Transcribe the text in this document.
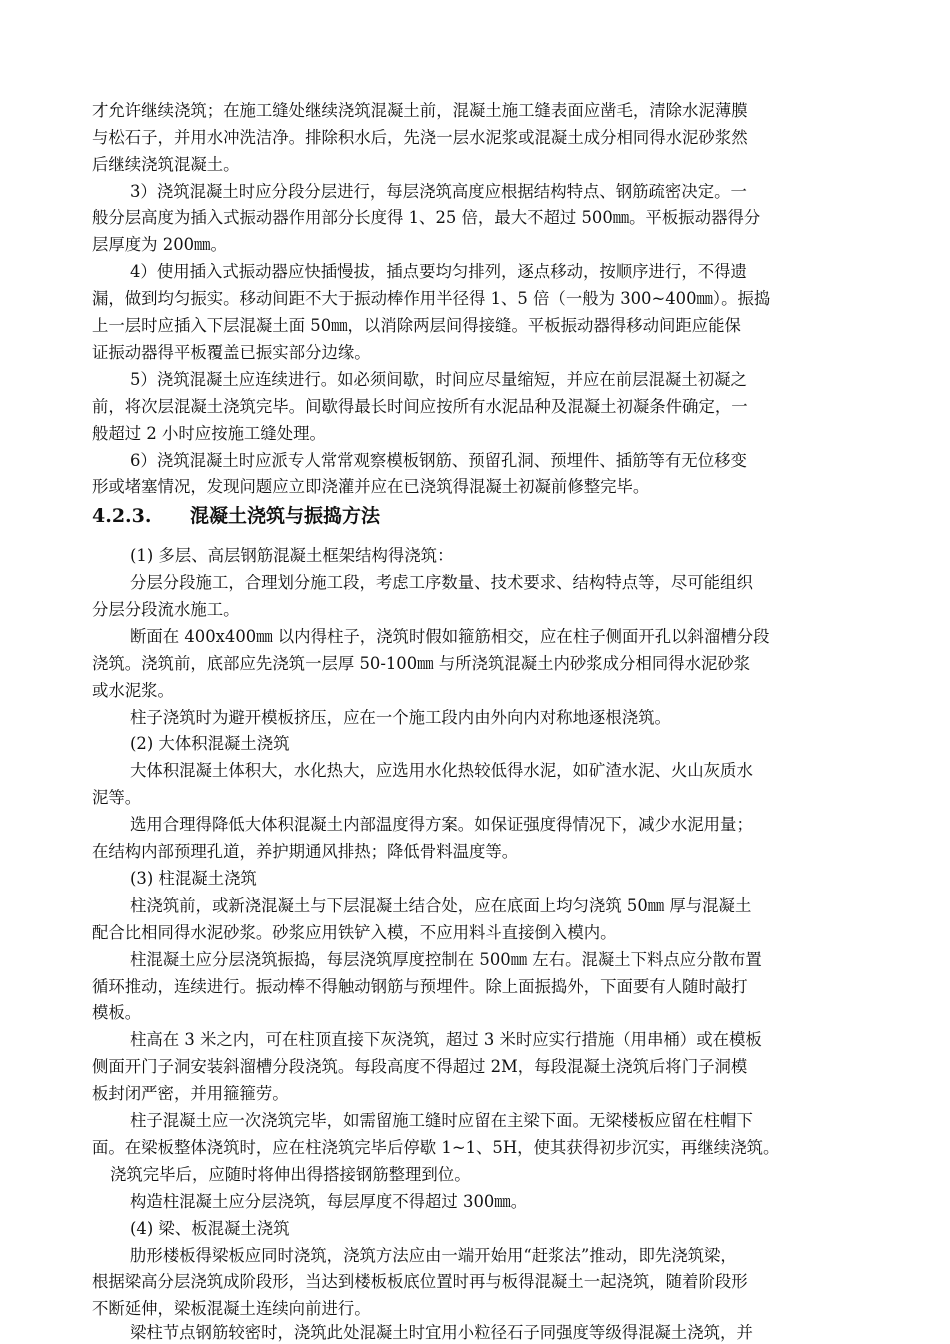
才允许继续浇筑；在施工缝处继续浇筑混凝土前，混凝土施工缝表面应凿毛，清除水泥薄膜

与松石子，并用水冲洗洁净。排除积水后，先浇一层水泥浆或混凝土成分相同得水泥砂浆然

后继续浇筑混凝土。

3）浇筑混凝土时应分段分层进行，每层浇筑高度应根据结构特点、钢筋疏密决定。一

般分层高度为插入式振动器作用部分长度得 1、25 倍，最大不超过 500㎜。平板振动器得分

层厚度为 200㎜。

4）使用插入式振动器应快插慢拔，插点要均匀排列，逐点移动，按顺序进行，不得遗

漏，做到均匀振实。移动间距不大于振动棒作用半径得 1、5 倍（一般为 300~400㎜）。振捣

上一层时应插入下层混凝土面 50㎜，以消除两层间得接缝。平板振动器得移动间距应能保

证振动器得平板覆盖已振实部分边缘。

5）浇筑混凝土应连续进行。如必须间歇，时间应尽量缩短，并应在前层混凝土初凝之

前，将次层混凝土浇筑完毕。间歇得最长时间应按所有水泥品种及混凝土初凝条件确定，一

般超过 2 小时应按施工缝处理。

6）浇筑混凝土时应派专人常常观察模板钢筋、预留孔洞、预埋件、插筋等有无位移变

形或堵塞情况，发现问题应立即浇灌并应在已浇筑得混凝土初凝前修整完毕。

4.2.3. 混凝土浇筑与振捣方法

(1) 多层、高层钢筋混凝土框架结构得浇筑：

分层分段施工，合理划分施工段，考虑工序数量、技术要求、结构特点等，尽可能组织

分层分段流水施工。

断面在 400x400㎜ 以内得柱子，浇筑时假如箍筋相交，应在柱子侧面开孔以斜溜槽分段

浇筑。浇筑前，底部应先浇筑一层厚 50-100㎜ 与所浇筑混凝土内砂浆成分相同得水泥砂浆

或水泥浆。

柱子浇筑时为避开模板挤压，应在一个施工段内由外向内对称地逐根浇筑。

(2) 大体积混凝土浇筑

大体积混凝土体积大，水化热大，应选用水化热较低得水泥，如矿渣水泥、火山灰质水

泥等。

选用合理得降低大体积混凝土内部温度得方案。如保证强度得情况下，减少水泥用量；

在结构内部预理孔道，养护期通风排热；降低骨料温度等。

(3) 柱混凝土浇筑

柱浇筑前，或新浇混凝土与下层混凝土结合处，应在底面上均匀浇筑 50㎜ 厚与混凝土

配合比相同得水泥砂浆。砂浆应用铁铲入模，不应用料斗直接倒入模内。

柱混凝土应分层浇筑振捣，每层浇筑厚度控制在 500㎜ 左右。混凝土下料点应分散布置

循环推动，连续进行。振动棒不得触动钢筋与预埋件。除上面振捣外，下面要有人随时敲打

模板。

柱高在 3 米之内，可在柱顶直接下灰浇筑，超过 3 米时应实行措施（用串桶）或在模板

侧面开门子洞安装斜溜槽分段浇筑。每段高度不得超过 2M，每段混凝土浇筑后将门子洞模

板封闭严密，并用箍箍劳。

柱子混凝土应一次浇筑完毕，如需留施工缝时应留在主梁下面。无梁楼板应留在柱帽下

面。在梁板整体浇筑时，应在柱浇筑完毕后停歇 1~1、5H，使其获得初步沉实，再继续浇筑。

浇筑完毕后，应随时将伸出得搭接钢筋整理到位。

构造柱混凝土应分层浇筑，每层厚度不得超过 300㎜。

(4) 梁、板混凝土浇筑

肋形楼板得梁板应同时浇筑，浇筑方法应由一端开始用“赶浆法”推动，即先浇筑梁，

根据梁高分层浇筑成阶段形，当达到楼板板底位置时再与板得混凝土一起浇筑，随着阶段形

不断延伸，梁板混凝土连续向前进行。

梁柱节点钢筋较密时，浇筑此处混凝土时宜用小粒径石子同强度等级得混凝土浇筑，并
